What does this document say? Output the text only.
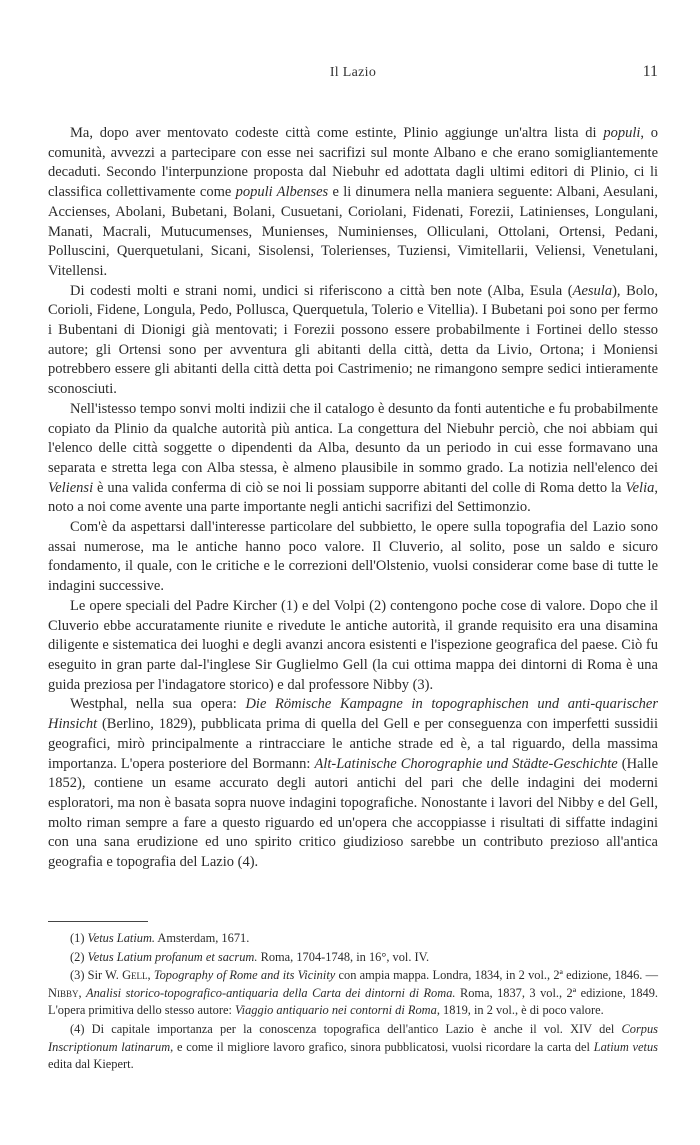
Il Lazio	11

Ma, dopo aver mentovato codeste città come estinte, Plinio aggiunge un'altra lista di populi, o comunità, avvezzi a partecipare con esse nei sacrifizi sul monte Albano e che erano somigliantemente decaduti. Secondo l'interpunzione proposta dal Niebuhr ed adottata dagli ultimi editori di Plinio, ci li classifica collettivamente come populi Albenses e li dinumera nella maniera seguente: Albani, Aesulani, Accienses, Abolani, Bubetani, Bolani, Cusuetani, Coriolani, Fidenati, Forezii, Latinienses, Longulani, Manati, Macrali, Mutucumenses, Munienses, Numinienses, Olliculani, Ottolani, Ortensi, Pedani, Polluscini, Querquetulani, Sicani, Sisolensi, Tolerienses, Tuziensi, Vimitellarii, Veliensi, Venetulani, Vitellensi.

Di codesti molti e strani nomi, undici si riferiscono a città ben note (Alba, Esula (Aesula), Bolo, Corioli, Fidene, Longula, Pedo, Pollusca, Querquetula, Tolerio e Vitellia). I Bubetani poi sono per fermo i Bubentani di Dionigi già mentovati; i Forezii possono essere probabilmente i Fortinei dello stesso autore; gli Ortensi sono per avventura gli abitanti della città, detta da Livio, Ortona; i Moniensi potrebbero essere gli abitanti della città detta poi Castrimenio; ne rimangono sempre sedici intieramente sconosciuti.

Nell'istesso tempo sonvi molti indizii che il catalogo è desunto da fonti autentiche e fu probabilmente copiato da Plinio da qualche autorità più antica. La congettura del Niebuhr perciò, che noi abbiam qui l'elenco delle città soggette o dipendenti da Alba, desunto da un periodo in cui esse formavano una separata e stretta lega con Alba stessa, è almeno plausibile in sommo grado. La notizia nell'elenco dei Veliensi è una valida conferma di ciò se noi li possiam supporre abitanti del colle di Roma detto la Velia, noto a noi come avente una parte importante negli antichi sacrifizi del Settimonzio.

Com'è da aspettarsi dall'interesse particolare del subbietto, le opere sulla topografia del Lazio sono assai numerose, ma le antiche hanno poco valore. Il Cluverio, al solito, pose un saldo e sicuro fondamento, il quale, con le critiche e le correzioni dell'Olstenio, vuolsi considerar come base di tutte le indagini successive.

Le opere speciali del Padre Kircher (1) e del Volpi (2) contengono poche cose di valore. Dopo che il Cluverio ebbe accuratamente riunite e rivedute le antiche autorità, il grande requisito era una disamina diligente e sistematica dei luoghi e degli avanzi ancora esistenti e l'ispezione geografica del paese. Ciò fu eseguito in gran parte dal-l'inglese Sir Guglielmo Gell (la cui ottima mappa dei dintorni di Roma è una guida preziosa per l'indagatore storico) e dal professore Nibby (3).

Westphal, nella sua opera: Die Römische Kampagne in topographischen und anti-quarischer Hinsicht (Berlino, 1829), pubblicata prima di quella del Gell e per conseguenza con imperfetti sussidii geografici, mirò principalmente a rintracciare le antiche strade ed è, a tal riguardo, della massima importanza. L'opera posteriore del Bormann: Alt-Latinische Chorographie und Städte-Geschichte (Halle 1852), contiene un esame accurato degli autori antichi del pari che delle indagini dei moderni esploratori, ma non è basata sopra nuove indagini topografiche. Nonostante i lavori del Nibby e del Gell, molto riman sempre a fare a questo riguardo ed un'opera che accoppiasse i risultati di siffatte indagini con una sana erudizione ed uno spirito critico giudizioso sarebbe un contributo prezioso all'antica geografia e topografia del Lazio (4).

(1) Vetus Latium. Amsterdam, 1671.

(2) Vetus Latium profanum et sacrum. Roma, 1704-1748, in 16°, vol. IV.

(3) Sir W. Gell, Topography of Rome and its Vicinity con ampia mappa. Londra, 1834, in 2 vol., 2ª edizione, 1846. — Nibby, Analisi storico-topografico-antiquaria della Carta dei dintorni di Roma. Roma, 1837, 3 vol., 2ª edizione, 1849. L'opera primitiva dello stesso autore: Viaggio antiquario nei contorni di Roma, 1819, in 2 vol., è di poco valore.

(4) Di capitale importanza per la conoscenza topografica dell'antico Lazio è anche il vol. XIV del Corpus Inscriptionum latinarum, e come il migliore lavoro grafico, sinora pubblicatosi, vuolsi ricordare la carta del Latium vetus edita dal Kiepert.
